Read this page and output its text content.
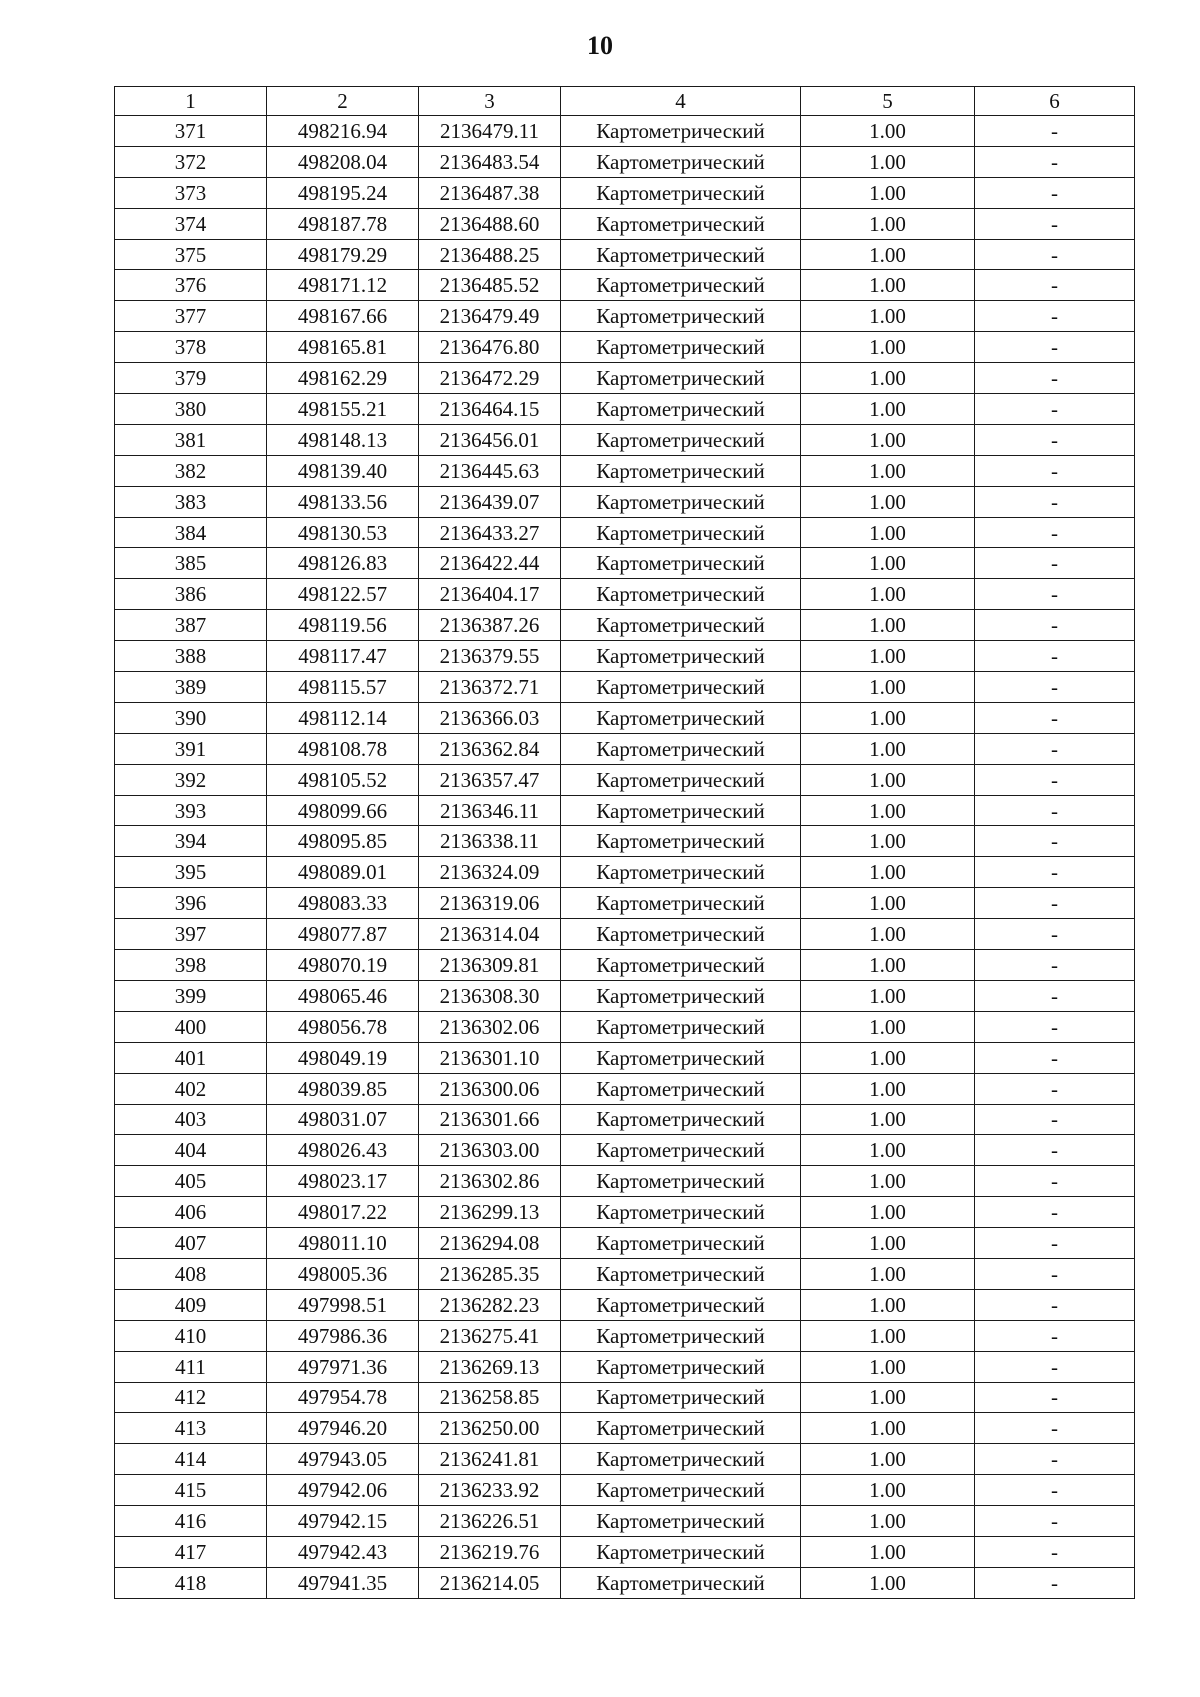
10
1	2	3	4	5	6
371	498216.94	2136479.11	Картометрический	1.00	-
372	498208.04	2136483.54	Картометрический	1.00	-
373	498195.24	2136487.38	Картометрический	1.00	-
374	498187.78	2136488.60	Картометрический	1.00	-
375	498179.29	2136488.25	Картометрический	1.00	-
376	498171.12	2136485.52	Картометрический	1.00	-
377	498167.66	2136479.49	Картометрический	1.00	-
378	498165.81	2136476.80	Картометрический	1.00	-
379	498162.29	2136472.29	Картометрический	1.00	-
380	498155.21	2136464.15	Картометрический	1.00	-
381	498148.13	2136456.01	Картометрический	1.00	-
382	498139.40	2136445.63	Картометрический	1.00	-
383	498133.56	2136439.07	Картометрический	1.00	-
384	498130.53	2136433.27	Картометрический	1.00	-
385	498126.83	2136422.44	Картометрический	1.00	-
386	498122.57	2136404.17	Картометрический	1.00	-
387	498119.56	2136387.26	Картометрический	1.00	-
388	498117.47	2136379.55	Картометрический	1.00	-
389	498115.57	2136372.71	Картометрический	1.00	-
390	498112.14	2136366.03	Картометрический	1.00	-
391	498108.78	2136362.84	Картометрический	1.00	-
392	498105.52	2136357.47	Картометрический	1.00	-
393	498099.66	2136346.11	Картометрический	1.00	-
394	498095.85	2136338.11	Картометрический	1.00	-
395	498089.01	2136324.09	Картометрический	1.00	-
396	498083.33	2136319.06	Картометрический	1.00	-
397	498077.87	2136314.04	Картометрический	1.00	-
398	498070.19	2136309.81	Картометрический	1.00	-
399	498065.46	2136308.30	Картометрический	1.00	-
400	498056.78	2136302.06	Картометрический	1.00	-
401	498049.19	2136301.10	Картометрический	1.00	-
402	498039.85	2136300.06	Картометрический	1.00	-
403	498031.07	2136301.66	Картометрический	1.00	-
404	498026.43	2136303.00	Картометрический	1.00	-
405	498023.17	2136302.86	Картометрический	1.00	-
406	498017.22	2136299.13	Картометрический	1.00	-
407	498011.10	2136294.08	Картометрический	1.00	-
408	498005.36	2136285.35	Картометрический	1.00	-
409	497998.51	2136282.23	Картометрический	1.00	-
410	497986.36	2136275.41	Картометрический	1.00	-
411	497971.36	2136269.13	Картометрический	1.00	-
412	497954.78	2136258.85	Картометрический	1.00	-
413	497946.20	2136250.00	Картометрический	1.00	-
414	497943.05	2136241.81	Картометрический	1.00	-
415	497942.06	2136233.92	Картометрический	1.00	-
416	497942.15	2136226.51	Картометрический	1.00	-
417	497942.43	2136219.76	Картометрический	1.00	-
418	497941.35	2136214.05	Картометрический	1.00	-
